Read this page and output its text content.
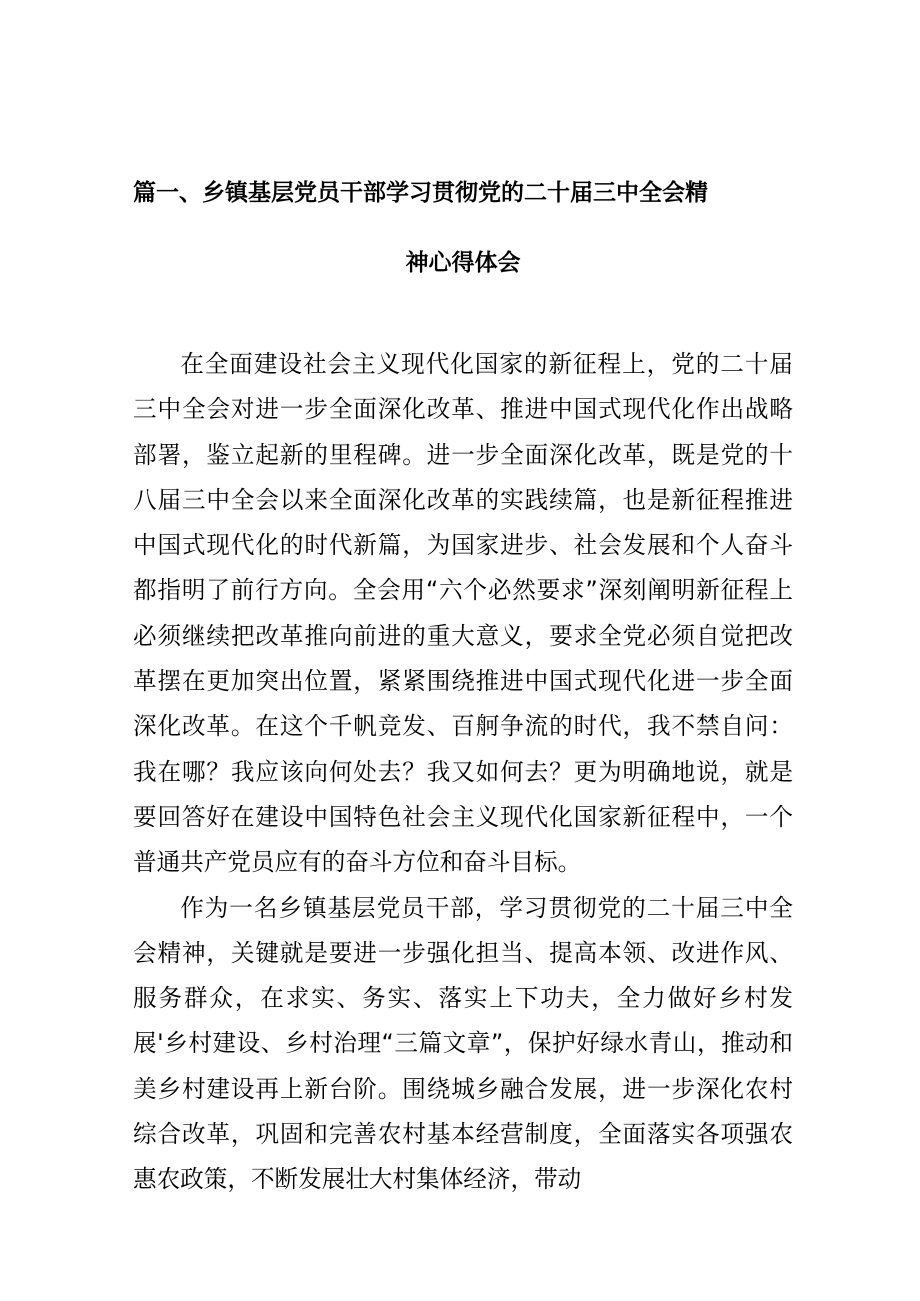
篇一、乡镇基层党员干部学习贯彻党的二十届三中全会精
神心得体会

在全面建设社会主义现代化国家的新征程上，党的二十届三中全会对进一步全面深化改革、推进中国式现代化作出战略部署，鉴立起新的里程碑。进一步全面深化改革，既是党的十八届三中全会以来全面深化改革的实践续篇，也是新征程推进中国式现代化的时代新篇，为国家进步、社会发展和个人奋斗都指明了前行方向。全会用“六个必然要求”深刻阐明新征程上必须继续把改革推向前进的重大意义，要求全党必须自觉把改革摆在更加突出位置，紧紧围绕推进中国式现代化进一步全面深化改革。在这个千帆竞发、百舸争流的时代，我不禁自问：我在哪？我应该向何处去？我又如何去？更为明确地说，就是要回答好在建设中国特色社会主义现代化国家新征程中，一个普通共产党员应有的奋斗方位和奋斗目标。

作为一名乡镇基层党员干部，学习贯彻党的二十届三中全会精神，关键就是要进一步强化担当、提高本领、改进作风、服务群众，在求实、务实、落实上下功夫，全力做好乡村发展'乡村建设、乡村治理“三篇文章”，保护好绿水青山，推动和美乡村建设再上新台阶。围绕城乡融合发展，进一步深化农村综合改革，巩固和完善农村基本经营制度，全面落实各项强农惠农政策，不断发展壮大村集体经济，带动
